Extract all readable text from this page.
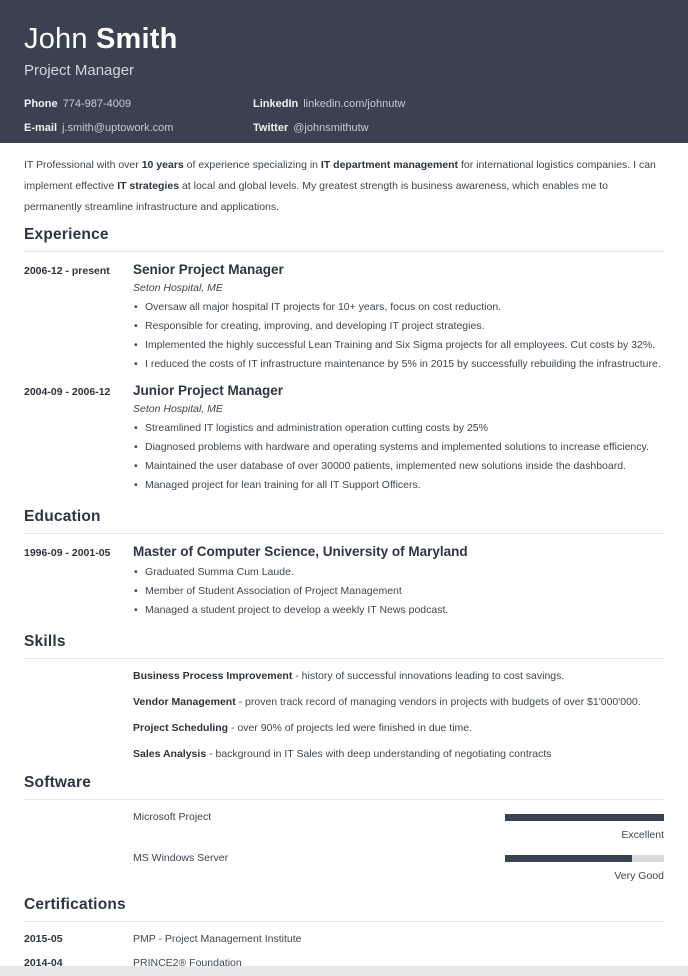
John Smith
Project Manager
Phone 774-987-4009	LinkedIn linkedin.com/johnutw
E-mail j.smith@uptowork.com	Twitter @johnsmithutw

IT Professional with over 10 years of experience specializing in IT department management for international logistics companies. I can implement effective IT strategies at local and global levels. My greatest strength is business awareness, which enables me to permanently streamline infrastructure and applications.

Experience
2006-12 - present	Senior Project Manager
Seton Hospital, ME
• Oversaw all major hospital IT projects for 10+ years, focus on cost reduction.
• Responsible for creating, improving, and developing IT project strategies.
• Implemented the highly successful Lean Training and Six Sigma projects for all employees. Cut costs by 32%.
• I reduced the costs of IT infrastructure maintenance by 5% in 2015 by successfully rebuilding the infrastructure.
2004-09 - 2006-12	Junior Project Manager
Seton Hospital, ME
• Streamlined IT logistics and administration operation cutting costs by 25%
• Diagnosed problems with hardware and operating systems and implemented solutions to increase efficiency.
• Maintained the user database of over 30000 patients, implemented new solutions inside the dashboard.
• Managed project for lean training for all IT Support Officers.
Education
1996-09 - 2001-05	Master of Computer Science, University of Maryland
• Graduated Summa Cum Laude.
• Member of Student Association of Project Management
• Managed a student project to develop a weekly IT News podcast.
Skills
Business Process Improvement - history of successful innovations leading to cost savings.
Vendor Management - proven track record of managing vendors in projects with budgets of over $1'000'000.
Project Scheduling - over 90% of projects led were finished in due time.
Sales Analysis - background in IT Sales with deep understanding of negotiating contracts
Software
Microsoft Project
Excellent
MS Windows Server
Very Good
Certifications
2015-05	PMP - Project Management Institute
2014-04	PRINCE2® Foundation
